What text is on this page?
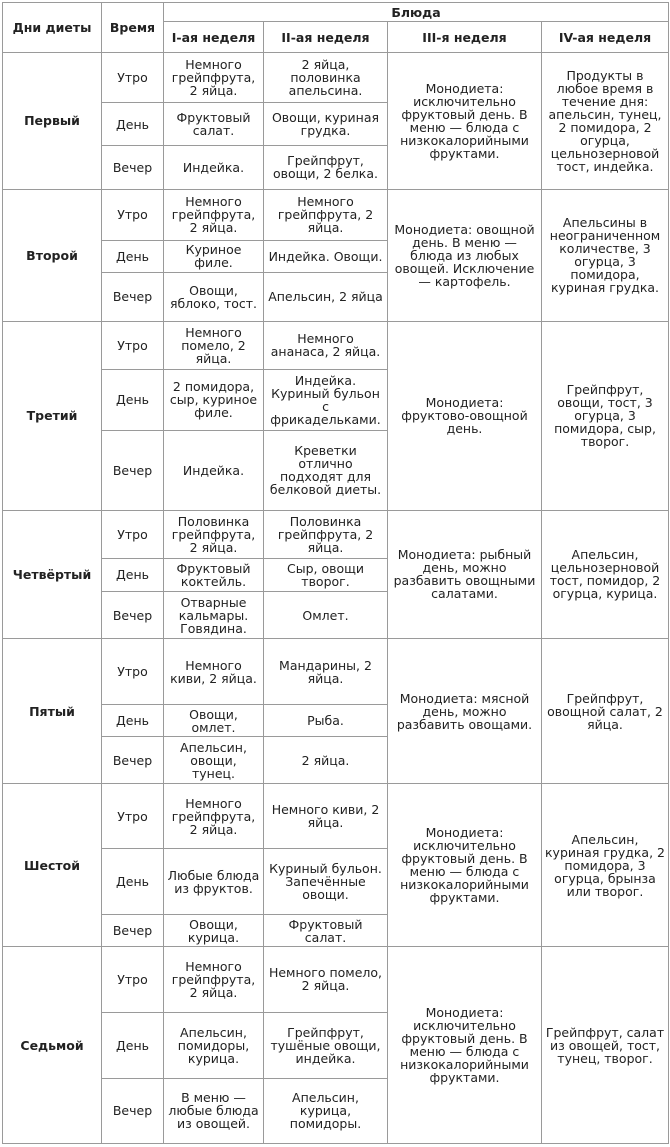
Дни диеты	Время	Блюда			
		I-ая неделя	II-ая неделя	III-я неделя	IV-ая неделя
Первый	Утро	Немного грейпфрута, 2 яйца.	2 яйца, половинка апельсина.	Монодиета: исключительно фруктовый день. В меню — блюда с низкокалорийными фруктами.	Продукты в любое время в течение дня: апельсин, тунец, 2 помидора, 2 огурца, цельнозерновой тост, индейка.
	День	Фруктовый салат.	Овощи, куриная грудка.		
	Вечер	Индейка.	Грейпфрут, овощи, 2 белка.		
Второй	Утро	Немного грейпфрута, 2 яйца.	Немного грейпфрута, 2 яйца.	Монодиета: овощной день. В меню — блюда из любых овощей. Исключение — картофель.	Апельсины в неограниченном количестве, 3 огурца, 3 помидора, куриная грудка.
	День	Куриное филе.	Индейка. Овощи.		
	Вечер	Овощи, яблоко, тост.	Апельсин, 2 яйца		
Третий	Утро	Немного помело, 2 яйца.	Немного ананаса, 2 яйца.	Монодиета: фруктово-овощной день.	Грейпфрут, овощи, тост, 3 огурца, 3 помидора, сыр, творог.
	День	2 помидора, сыр, куриное филе.	Индейка. Куриный бульон с фрикадельками.		
	Вечер	Индейка.	Креветки отлично подходят для белковой диеты.		
Четвёртый	Утро	Половинка грейпфрута, 2 яйца.	Половинка грейпфрута, 2 яйца.	Монодиета: рыбный день, можно разбавить овощными салатами.	Апельсин, цельнозерновой тост, помидор, 2 огурца, курица.
	День	Фруктовый коктейль.	Сыр, овощи творог.		
	Вечер	Отварные кальмары. Говядина.	Омлет.		
Пятый	Утро	Немного киви, 2 яйца.	Мандарины, 2 яйца.	Монодиета: мясной день, можно разбавить овощами.	Грейпфрут, овощной салат, 2 яйца.
	День	Овощи, омлет.	Рыба.		
	Вечер	Апельсин, овощи, тунец.	2 яйца.		
Шестой	Утро	Немного грейпфрута, 2 яйца.	Немного киви, 2 яйца.	Монодиета: исключительно фруктовый день. В меню — блюда с низкокалорийными фруктами.	Апельсин, куриная грудка, 2 помидора, 3 огурца, брынза или творог.
	День	Любые блюда из фруктов.	Куриный бульон. Запечённые овощи.		
	Вечер	Овощи, курица.	Фруктовый салат.		
Седьмой	Утро	Немного грейпфрута, 2 яйца.	Немного помело, 2 яйца.	Монодиета: исключительно фруктовый день. В меню — блюда с низкокалорийными фруктами.	Грейпфрут, салат из овощей, тост, тунец, творог.
	День	Апельсин, помидоры, курица.	Грейпфрут, тушёные овощи, индейка.		
	Вечер	В меню — любые блюда из овощей.	Апельсин, курица, помидоры.		
